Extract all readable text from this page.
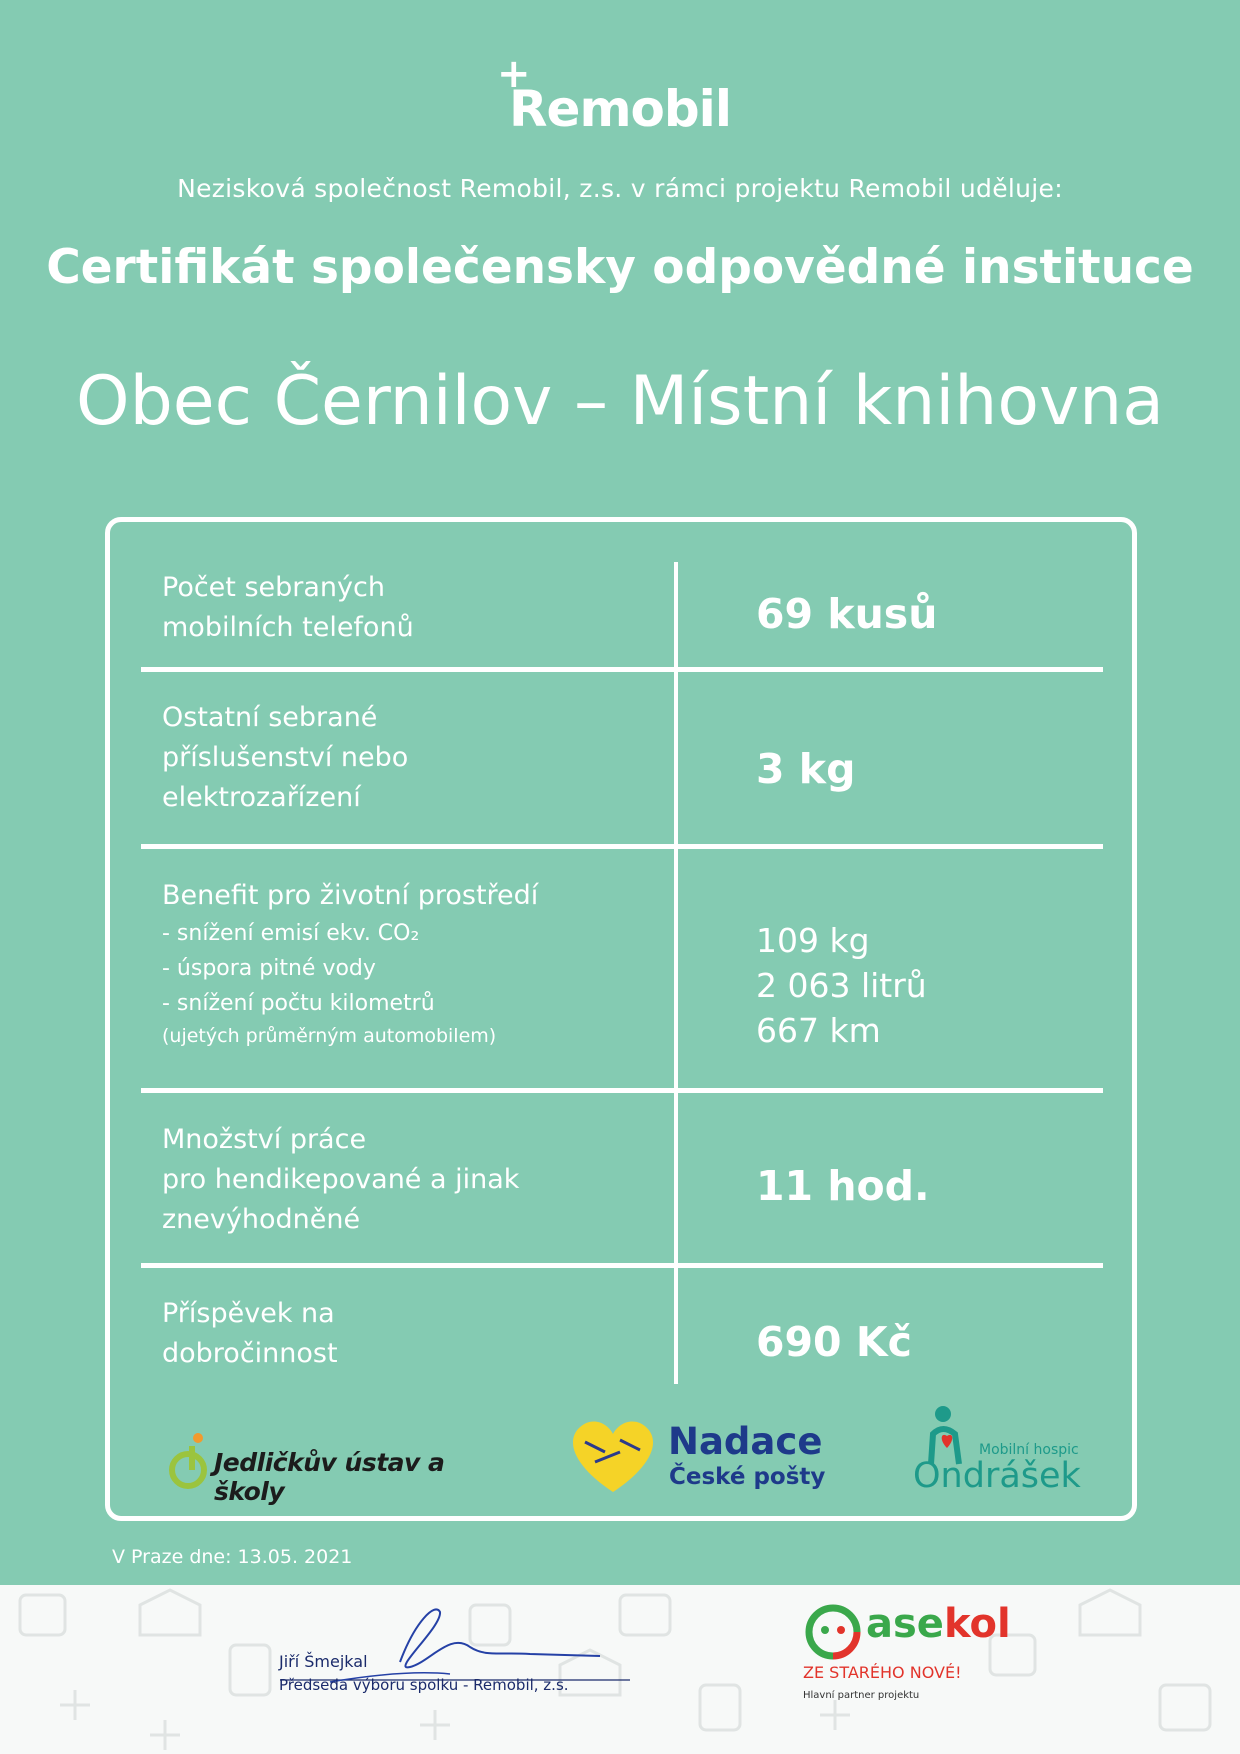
+
Remobil
Nezisková společnost Remobil, z.s. v rámci projektu Remobil uděluje:
Certifikát společensky odpovědné instituce
Obec Černilov – Místní knihovna
Počet sebraných
mobilních telefonů	69 kusů
Ostatní sebrané
příslušenství nebo
elektrozařízení
3 kg
Benefit pro životní prostředí
- snížení emisí ekv. CO₂
- úspora pitné vody
- snížení počtu kilometrů
(ujetých průměrným automobilem)
109 kg
2 063 litrů
667 km
Množství práce
pro hendikepované a jinak
znevýhodněné
11 hod.
Příspěvek na
dobročinnost	690 Kč
Jedličkův ústav a školy
Nadace
České pošty
Mobilní hospic
Ondrášek
V Praze dne: 13.05. 2021
Jiří Šmejkal
Předseda výboru spolku - Remobil, z.s.
asekol
ZE STARÉHO NOVÉ!
Hlavní partner projektu
